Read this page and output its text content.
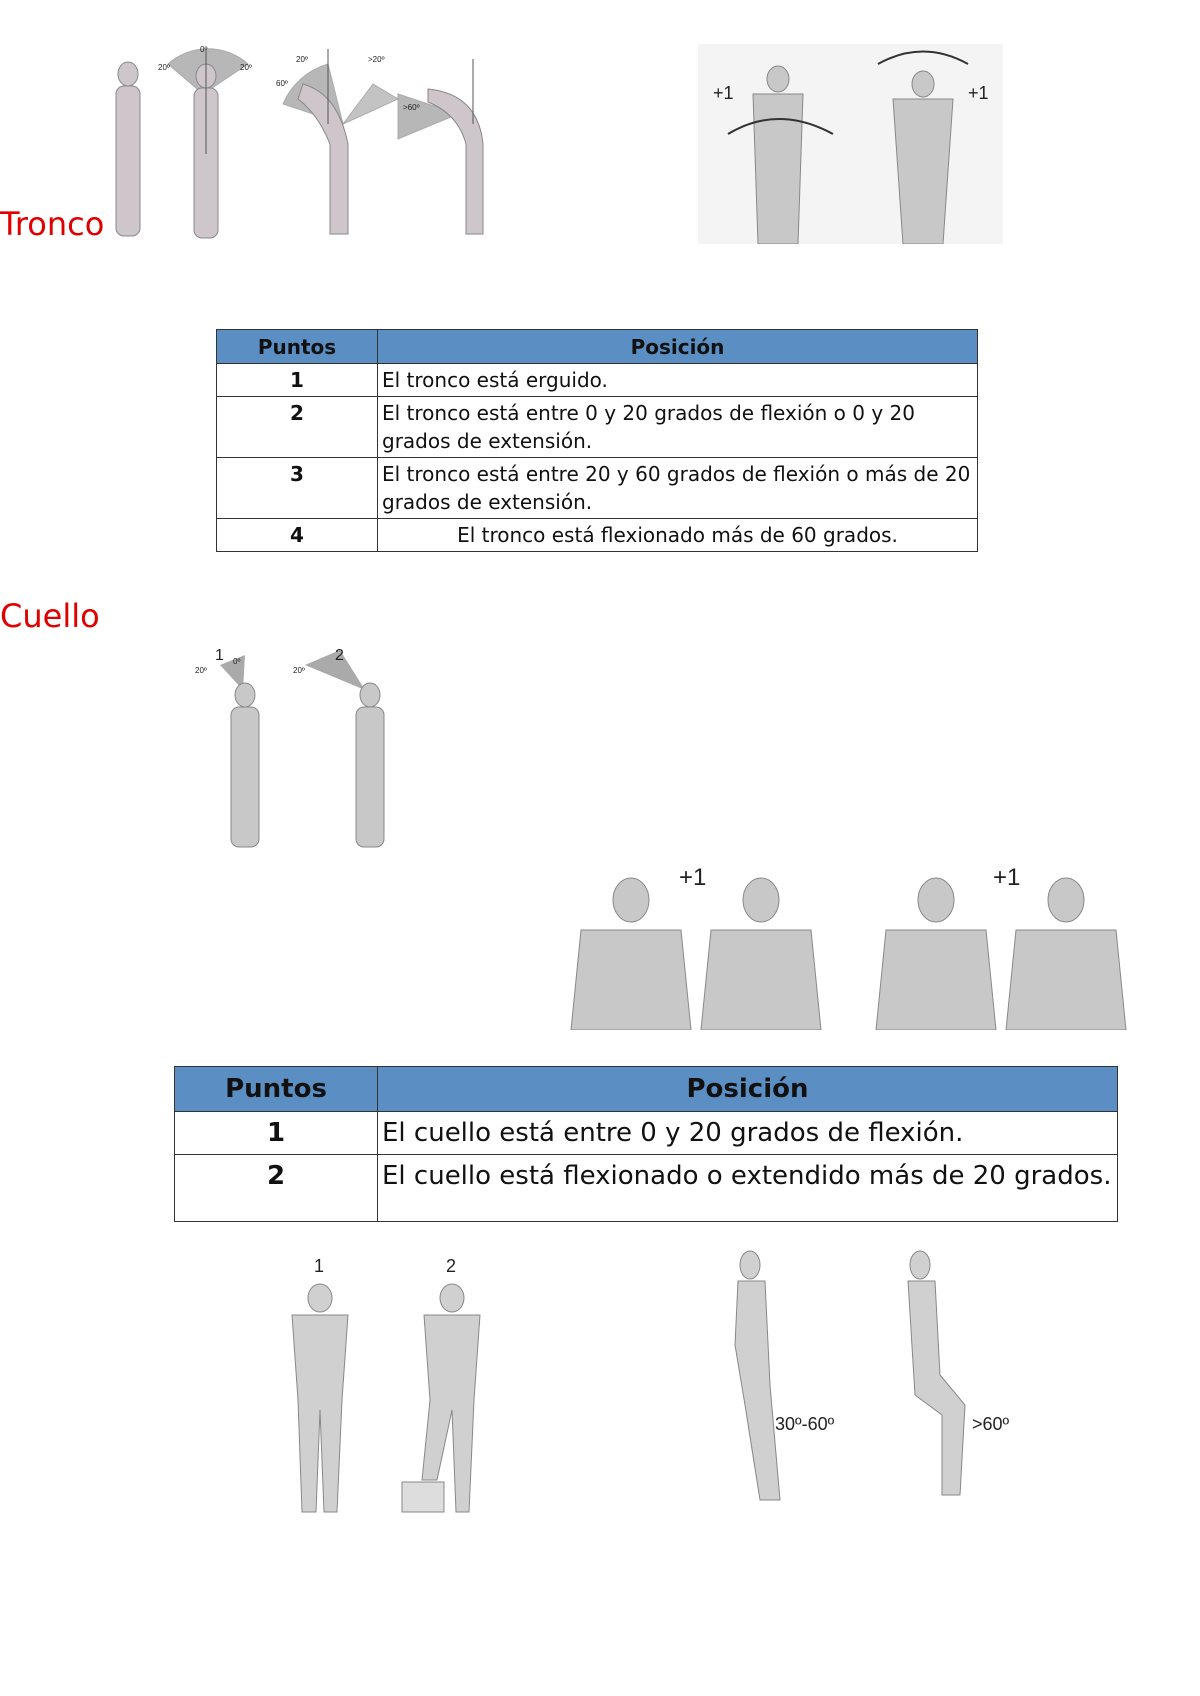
0º
20º	20º
20º
60º
>20º
>60º
Tronco
+1	+1
Puntos	Posición
1	El tronco está erguido.
2	El tronco está entre 0 y 20 grados de flexión o 0 y 20 grados de extensión.
3	El tronco está entre 20 y 60 grados de flexión o más de 20 grados de extensión.
4	El tronco está flexionado más de 60 grados.
Cuello
1	2
20º
0º
20º
+1	+1
Puntos	Posición
1	El cuello está entre 0 y 20 grados de flexión.
2	El cuello está flexionado o extendido más de 20 grados.
1	2
30º-60º	>60º
